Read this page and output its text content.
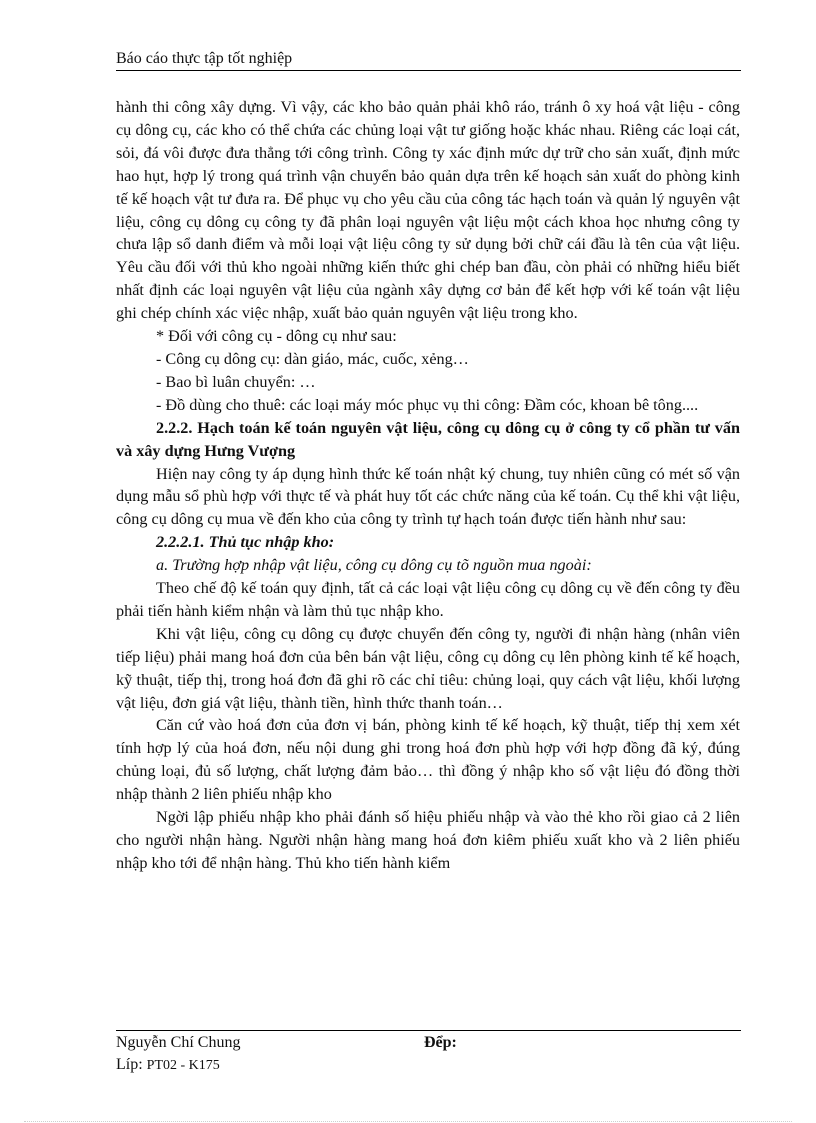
Báo cáo thực tập tốt nghiệp

hành thi công xây dựng. Vì vậy, các kho bảo quản phải khô ráo, tránh ô xy hoá vật liệu - công cụ dông cụ, các kho có thể chứa các chủng loại vật tư giống hoặc khác nhau. Riêng các loại cát, sỏi, đá vôi được đưa thẳng tới công trình. Công ty xác định mức dự trữ cho sản xuất, định mức hao hụt, hợp lý trong quá trình vận chuyển bảo quản dựa trên kế hoạch sản xuất do phòng kinh tế kế hoạch vật tư đưa ra. Để phục vụ cho yêu cầu của công tác hạch toán và quản lý nguyên vật liệu, công cụ dông cụ công ty đã phân loại nguyên vật liệu một cách khoa học nhưng công ty chưa lập sổ danh điểm và mỗi loại vật liệu công ty sử dụng bởi chữ cái đầu là tên của vật liệu. Yêu cầu đối với thủ kho ngoài những kiến thức ghi chép ban đầu, còn phải có những hiểu biết nhất định các loại nguyên vật liệu của ngành xây dựng cơ bản để kết hợp với kế toán vật liệu ghi chép chính xác việc nhập, xuất bảo quản nguyên vật liệu trong kho.

* Đối với công cụ - dông cụ như sau:

- Công cụ dông cụ: dàn giáo, mác, cuốc, xẻng…

- Bao bì luân chuyển: …

- Đồ dùng cho thuê: các loại máy móc phục vụ thi công: Đầm cóc, khoan bê tông....

2.2.2. Hạch toán kế toán nguyên vật liệu, công cụ dông cụ ở công ty cổ phần tư vấn và xây dựng Hưng Vượng

Hiện nay công ty áp dụng hình thức kế toán nhật ký chung, tuy nhiên cũng có mét số vận dụng mẫu sổ phù hợp với thực tế và phát huy tốt các chức năng của kế toán. Cụ thể khi vật liệu, công cụ dông cụ mua về đến kho của công ty trình tự hạch toán được tiến hành như sau:

2.2.2.1. Thủ tục nhập kho:

a. Trường hợp nhập vật liệu, công cụ dông cụ tõ nguồn mua ngoài:

Theo chế độ kế toán quy định, tất cả các loại vật liệu công cụ dông cụ về đến công ty đều phải tiến hành kiểm nhận và làm thủ tục nhập kho.

Khi vật liệu, công cụ dông cụ được chuyển đến công ty, người đi nhận hàng (nhân viên tiếp liệu) phải mang hoá đơn của bên bán vật liệu, công cụ dông cụ lên phòng kinh tế kế hoạch, kỹ thuật, tiếp thị, trong hoá đơn đã ghi rõ các chỉ tiêu: chủng loại, quy cách vật liệu, khối lượng vật liệu, đơn giá vật liệu, thành tiền, hình thức thanh toán…

Căn cứ vào hoá đơn của đơn vị bán, phòng kinh tế kế hoạch, kỹ thuật, tiếp thị xem xét tính hợp lý của hoá đơn, nếu nội dung ghi trong hoá đơn phù hợp với hợp đồng đã ký, đúng chủng loại, đủ số lượng, chất lượng đảm bảo… thì đồng ý nhập kho số vật liệu đó đồng thời nhập thành 2 liên phiếu nhập kho

Ngời lập phiếu nhập kho phải đánh số hiệu phiếu nhập và vào thẻ kho rồi giao cả 2 liên cho người nhận hàng. Người nhận hàng mang hoá đơn kiêm phiếu xuất kho và 2 liên phiếu nhập kho tới để nhận hàng. Thủ kho tiến hành kiểm

Nguyễn Chí Chung	Đểp:
Líp: PT02 - K175
